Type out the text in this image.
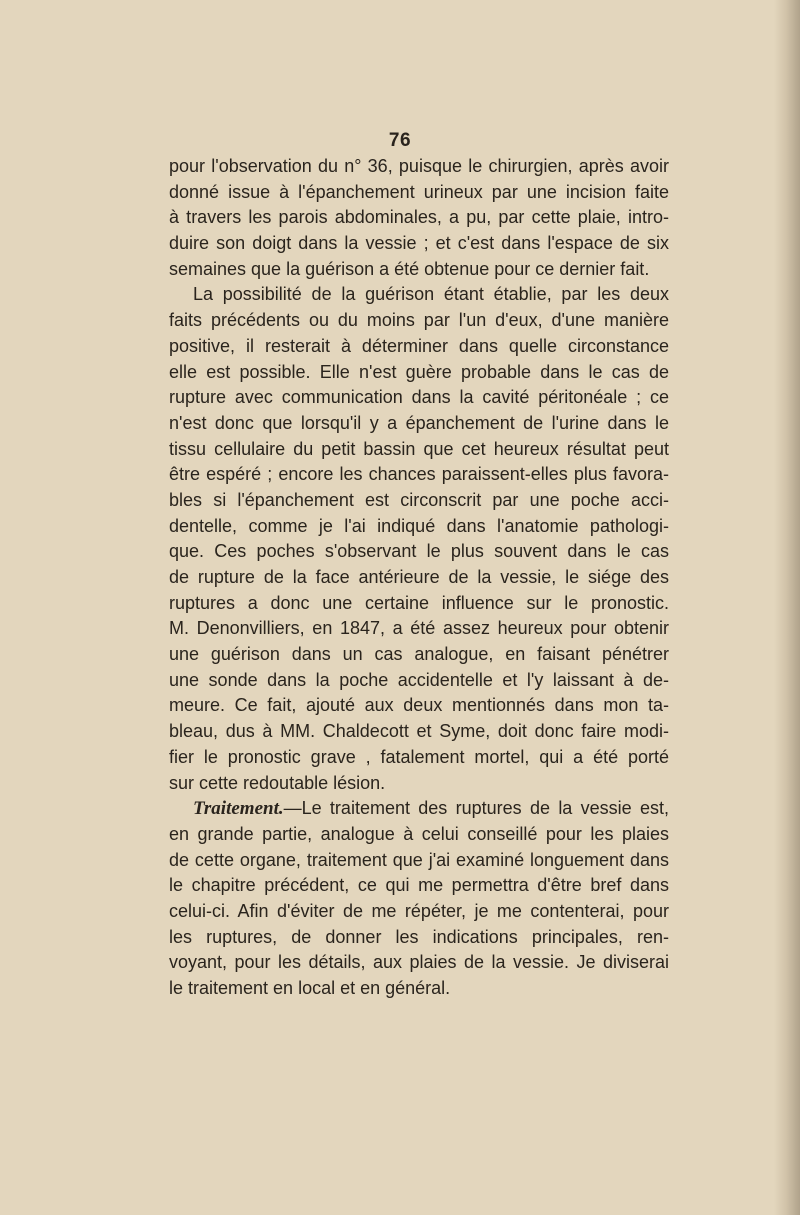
76
pour l'observation du n° 36, puisque le chirurgien, après avoir
donné issue à l'épanchement urineux par une incision faite
à travers les parois abdominales, a pu, par cette plaie, intro-
duire son doigt dans la vessie ; et c'est dans l'espace de six
semaines que la guérison a été obtenue pour ce dernier fait.
La possibilité de la guérison étant établie, par les deux
faits précédents ou du moins par l'un d'eux, d'une manière
positive, il resterait à déterminer dans quelle circonstance
elle est possible. Elle n'est guère probable dans le cas de
rupture avec communication dans la cavité péritonéale ; ce
n'est donc que lorsqu'il y a épanchement de l'urine dans le
tissu cellulaire du petit bassin que cet heureux résultat peut
être espéré ; encore les chances paraissent-elles plus favora-
bles si l'épanchement est circonscrit par une poche acci-
dentelle, comme je l'ai indiqué dans l'anatomie pathologi-
que. Ces poches s'observant le plus souvent dans le cas
de rupture de la face antérieure de la vessie, le siége des
ruptures a donc une certaine influence sur le pronostic.
M. Denonvilliers, en 1847, a été assez heureux pour obtenir
une guérison dans un cas analogue, en faisant pénétrer
une sonde dans la poche accidentelle et l'y laissant à de-
meure. Ce fait, ajouté aux deux mentionnés dans mon ta-
bleau, dus à MM. Chaldecott et Syme, doit donc faire modi-
fier le pronostic grave , fatalement mortel, qui a été porté
sur cette redoutable lésion.
Traitement.—Le traitement des ruptures de la vessie est,
en grande partie, analogue à celui conseillé pour les plaies
de cette organe, traitement que j'ai examiné longuement dans
le chapitre précédent, ce qui me permettra d'être bref dans
celui-ci. Afin d'éviter de me répéter, je me contenterai, pour
les ruptures, de donner les indications principales, ren-
voyant, pour les détails, aux plaies de la vessie. Je diviserai
le traitement en local et en général.
